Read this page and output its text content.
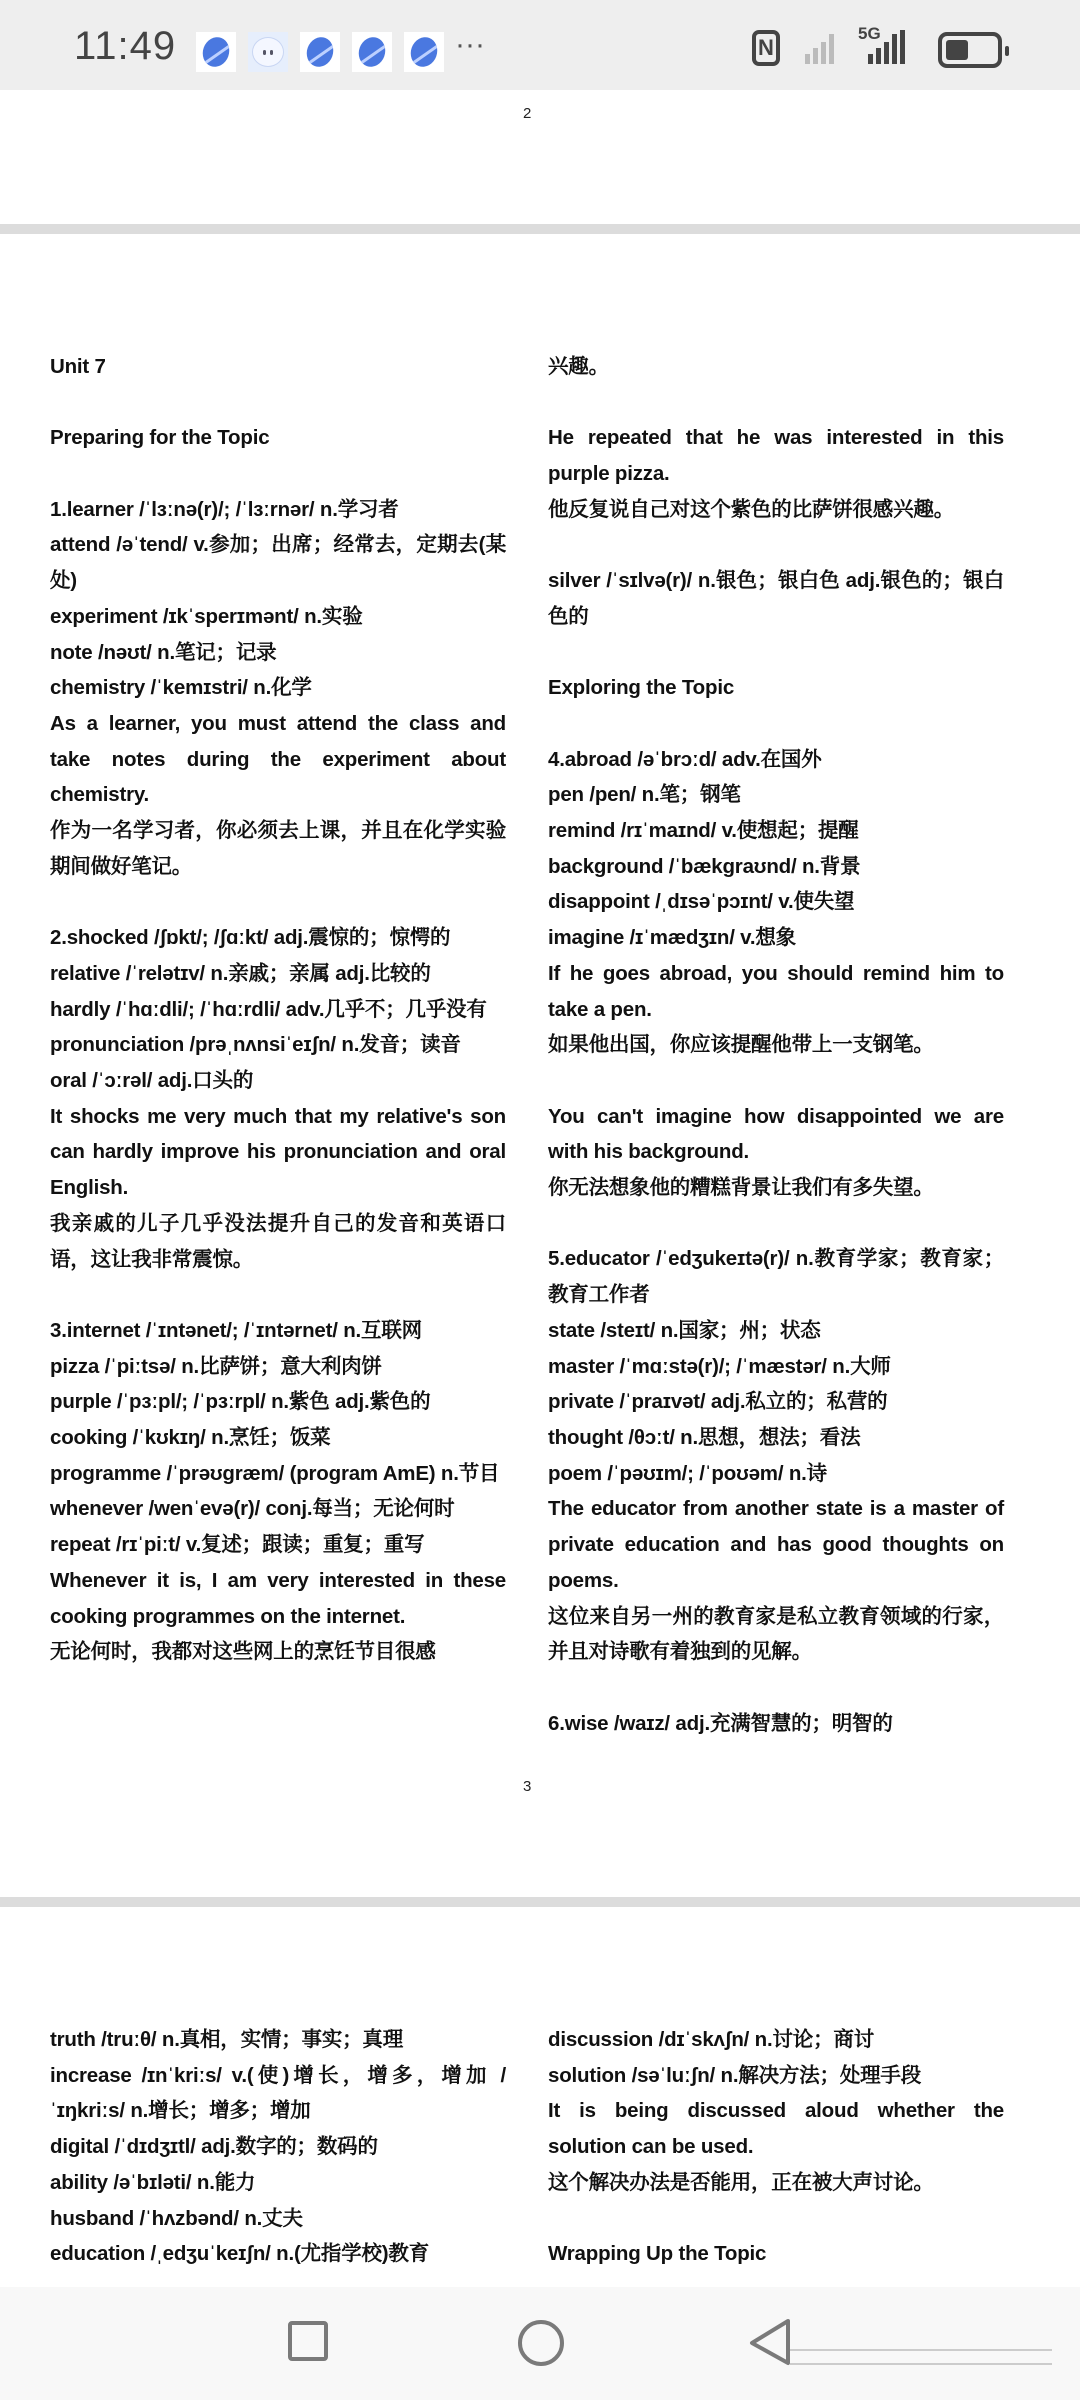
11:49	···	N
5G
2
Unit 7
Preparing for the Topic
1.learner /ˈlɜːnə(r)/; /ˈlɜːrnər/ n.学习者
attend /əˈtend/ v.参加；出席；经常去，定期去(某处)
experiment /ɪkˈsperɪmənt/ n.实验
note /nəʊt/ n.笔记；记录
chemistry /ˈkemɪstri/ n.化学
As a learner, you must attend the class and take notes during the experiment about chemistry.
作为一名学习者，你必须去上课，并且在化学实验期间做好笔记。
2.shocked /ʃɒkt/; /ʃɑːkt/ adj.震惊的；惊愕的
relative /ˈrelətɪv/ n.亲戚；亲属 adj.比较的
hardly /ˈhɑːdli/; /ˈhɑːrdli/ adv.几乎不；几乎没有
pronunciation /prəˌnʌnsiˈeɪʃn/ n.发音；读音
oral /ˈɔːrəl/ adj.口头的
It shocks me very much that my relative's son can hardly improve his pronunciation and oral English.
我亲戚的儿子几乎没法提升自己的发音和英语口语，这让我非常震惊。
3.internet /ˈɪntənet/; /ˈɪntərnet/ n.互联网
pizza /ˈpiːtsə/ n.比萨饼；意大利肉饼
purple /ˈpɜːpl/; /ˈpɜːrpl/ n.紫色 adj.紫色的
cooking /ˈkʊkɪŋ/ n.烹饪；饭菜
programme /ˈprəʊɡræm/ (program AmE) n.节目
whenever /wenˈevə(r)/ conj.每当；无论何时
repeat /rɪˈpiːt/ v.复述；跟读；重复；重写
Whenever it is, I am very interested in these cooking programmes on the internet.
无论何时，我都对这些网上的烹饪节目很感
兴趣。
He repeated that he was interested in this purple pizza.
他反复说自己对这个紫色的比萨饼很感兴趣。
silver /ˈsɪlvə(r)/ n.银色；银白色 adj.银色的；银白色的
Exploring the Topic
4.abroad /əˈbrɔːd/ adv.在国外
pen /pen/ n.笔；钢笔
remind /rɪˈmaɪnd/ v.使想起；提醒
background /ˈbækɡraʊnd/ n.背景
disappoint /ˌdɪsəˈpɔɪnt/ v.使失望
imagine /ɪˈmædʒɪn/ v.想象
If he goes abroad, you should remind him to take a pen.
如果他出国，你应该提醒他带上一支钢笔。
You can't imagine how disappointed we are with his background.
你无法想象他的糟糕背景让我们有多失望。
5.educator /ˈedʒukeɪtə(r)/ n.教育学家；教育家；教育工作者
state /steɪt/ n.国家；州；状态
master /ˈmɑːstə(r)/; /ˈmæstər/ n.大师
private /ˈpraɪvət/ adj.私立的；私营的
thought /θɔːt/ n.思想，想法；看法
poem /ˈpəʊɪm/; /ˈpoʊəm/ n.诗
The educator from another state is a master of private education and has good thoughts on poems.
这位来自另一州的教育家是私立教育领域的行家，并且对诗歌有着独到的见解。
6.wise /waɪz/ adj.充满智慧的；明智的
3
truth /truːθ/ n.真相，实情；事实；真理
increase /ɪnˈkriːs/ v.(使)增长，增多，增加 /ˈɪŋkriːs/ n.增长；增多；增加
digital /ˈdɪdʒɪtl/ adj.数字的；数码的
ability /əˈbɪləti/ n.能力
husband /ˈhʌzbənd/ n.丈夫
education /ˌedʒuˈkeɪʃn/ n.(尤指学校)教育
discussion /dɪˈskʌʃn/ n.讨论；商讨
solution /səˈluːʃn/ n.解决方法；处理手段
It is being discussed aloud whether the solution can be used.
这个解决办法是否能用，正在被大声讨论。
Wrapping Up the Topic
